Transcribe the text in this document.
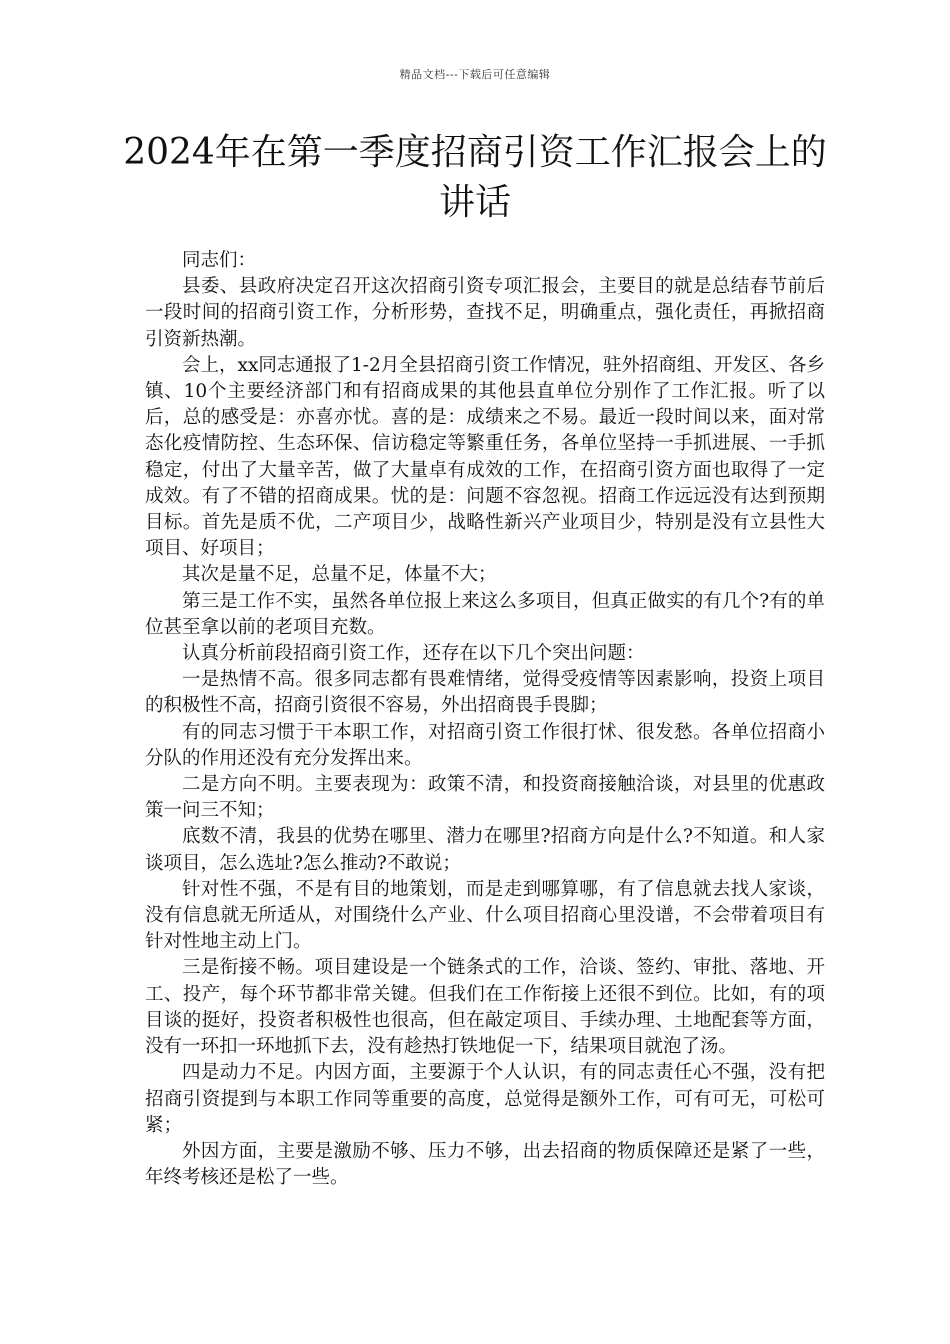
精品文档---下载后可任意编辑
2024年在第一季度招商引资工作汇报会上的讲话

同志们：

县委、县政府决定召开这次招商引资专项汇报会，主要目的就是总结春节前后一段时间的招商引资工作，分析形势，查找不足，明确重点，强化责任，再掀招商引资新热潮。

会上，xx同志通报了1-2月全县招商引资工作情况，驻外招商组、开发区、各乡镇、10个主要经济部门和有招商成果的其他县直单位分别作了工作汇报。听了以后，总的感受是：亦喜亦忧。喜的是：成绩来之不易。最近一段时间以来，面对常态化疫情防控、生态环保、信访稳定等繁重任务，各单位坚持一手抓进展、一手抓稳定，付出了大量辛苦，做了大量卓有成效的工作，在招商引资方面也取得了一定成效。有了不错的招商成果。忧的是：问题不容忽视。招商工作远远没有达到预期目标。首先是质不优，二产项目少，战略性新兴产业项目少，特别是没有立县性大项目、好项目；

其次是量不足，总量不足，体量不大；

第三是工作不实，虽然各单位报上来这么多项目，但真正做实的有几个?有的单位甚至拿以前的老项目充数。

认真分析前段招商引资工作，还存在以下几个突出问题：

一是热情不高。很多同志都有畏难情绪，觉得受疫情等因素影响，投资上项目的积极性不高，招商引资很不容易，外出招商畏手畏脚；

有的同志习惯于干本职工作，对招商引资工作很打怵、很发愁。各单位招商小分队的作用还没有充分发挥出来。

二是方向不明。主要表现为：政策不清，和投资商接触洽谈，对县里的优惠政策一问三不知；

底数不清，我县的优势在哪里、潜力在哪里?招商方向是什么?不知道。和人家谈项目，怎么选址?怎么推动?不敢说；

针对性不强，不是有目的地策划，而是走到哪算哪，有了信息就去找人家谈，没有信息就无所适从，对围绕什么产业、什么项目招商心里没谱，不会带着项目有针对性地主动上门。

三是衔接不畅。项目建设是一个链条式的工作，洽谈、签约、审批、落地、开工、投产，每个环节都非常关键。但我们在工作衔接上还很不到位。比如，有的项目谈的挺好，投资者积极性也很高，但在敲定项目、手续办理、土地配套等方面，没有一环扣一环地抓下去，没有趁热打铁地促一下，结果项目就泡了汤。

四是动力不足。内因方面，主要源于个人认识，有的同志责任心不强，没有把招商引资提到与本职工作同等重要的高度，总觉得是额外工作，可有可无，可松可紧；

外因方面，主要是激励不够、压力不够，出去招商的物质保障还是紧了一些，年终考核还是松了一些。
